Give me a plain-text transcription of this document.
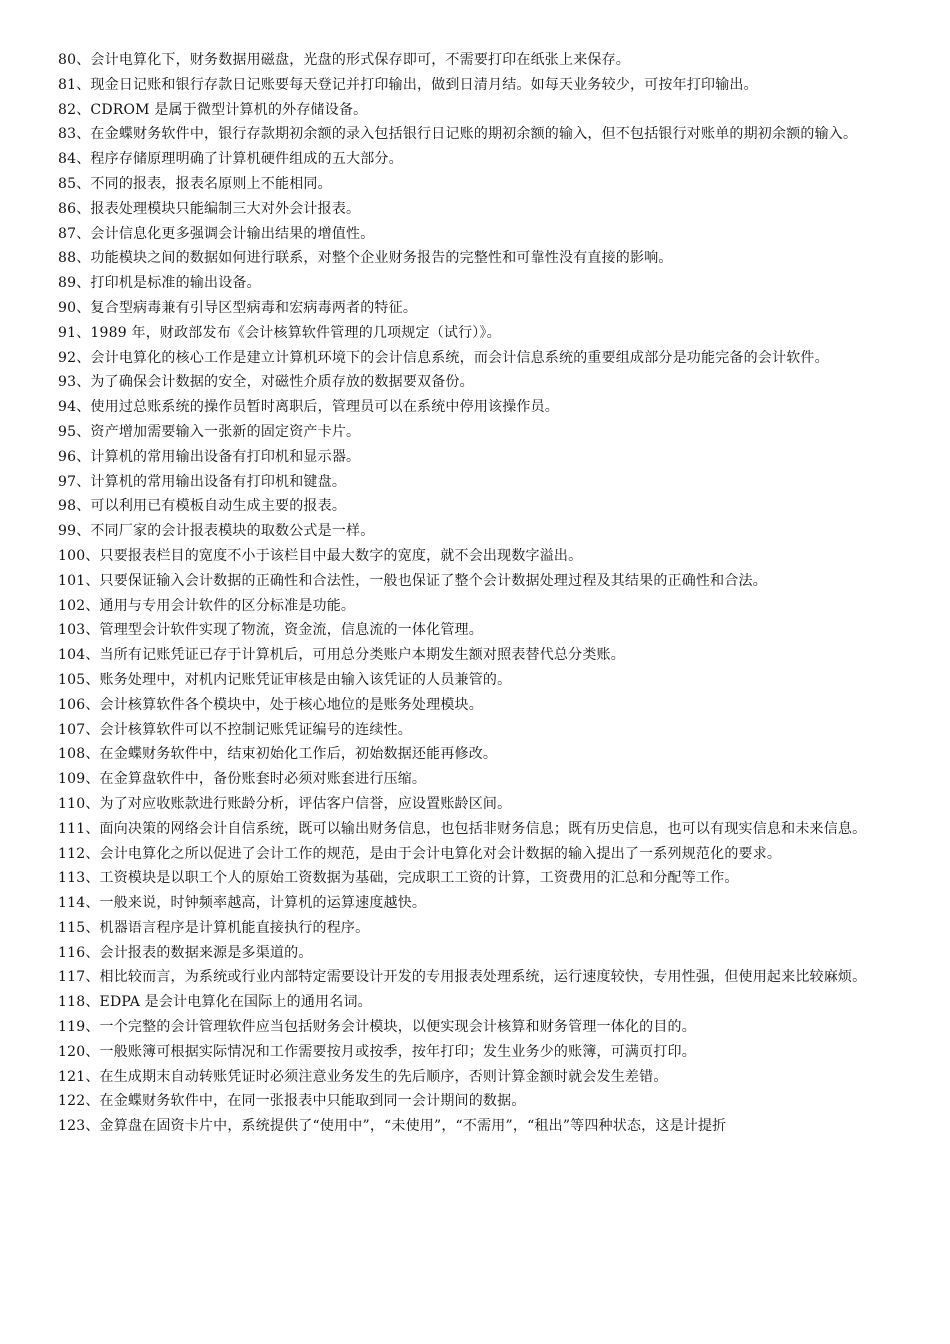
80、会计电算化下，财务数据用磁盘，光盘的形式保存即可，不需要打印在纸张上来保存。

81、现金日记账和银行存款日记账要每天登记并打印输出，做到日清月结。如每天业务较少，可按年打印输出。

82、CDROM 是属于微型计算机的外存储设备。

83、在金蝶财务软件中，银行存款期初余额的录入包括银行日记账的期初余额的输入，但不包括银行对账单的期初余额的输入。

84、程序存储原理明确了计算机硬件组成的五大部分。

85、不同的报表，报表名原则上不能相同。

86、报表处理模块只能编制三大对外会计报表。

87、会计信息化更多强调会计输出结果的增值性。

88、功能模块之间的数据如何进行联系，对整个企业财务报告的完整性和可靠性没有直接的影响。

89、打印机是标准的输出设备。

90、复合型病毒兼有引导区型病毒和宏病毒两者的特征。

91、1989 年，财政部发布《会计核算软件管理的几项规定（试行）》。

92、会计电算化的核心工作是建立计算机环境下的会计信息系统，而会计信息系统的重要组成部分是功能完备的会计软件。

93、为了确保会计数据的安全，对磁性介质存放的数据要双备份。

94、使用过总账系统的操作员暂时离职后，管理员可以在系统中停用该操作员。

95、资产增加需要输入一张新的固定资产卡片。

96、计算机的常用输出设备有打印机和显示器。

97、计算机的常用输出设备有打印机和键盘。

98、可以利用已有模板自动生成主要的报表。

99、不同厂家的会计报表模块的取数公式是一样。

100、只要报表栏目的宽度不小于该栏目中最大数字的宽度，就不会出现数字溢出。

101、只要保证输入会计数据的正确性和合法性，一般也保证了整个会计数据处理过程及其结果的正确性和合法。

102、通用与专用会计软件的区分标准是功能。

103、管理型会计软件实现了物流，资金流，信息流的一体化管理。

104、当所有记账凭证已存于计算机后，可用总分类账户本期发生额对照表替代总分类账。

105、账务处理中，对机内记账凭证审核是由输入该凭证的人员兼管的。

106、会计核算软件各个模块中，处于核心地位的是账务处理模块。

107、会计核算软件可以不控制记账凭证编号的连续性。

108、在金蝶财务软件中，结束初始化工作后，初始数据还能再修改。

109、在金算盘软件中，备份账套时必须对账套进行压缩。

110、为了对应收账款进行账龄分析，评估客户信誉，应设置账龄区间。

111、面向决策的网络会计自信系统，既可以输出财务信息，也包括非财务信息；既有历史信息，也可以有现实信息和未来信息。

112、会计电算化之所以促进了会计工作的规范，是由于会计电算化对会计数据的输入提出了一系列规范化的要求。

113、工资模块是以职工个人的原始工资数据为基础，完成职工工资的计算，工资费用的汇总和分配等工作。

114、一般来说，时钟频率越高，计算机的运算速度越快。

115、机器语言程序是计算机能直接执行的程序。

116、会计报表的数据来源是多渠道的。

117、相比较而言，为系统或行业内部特定需要设计开发的专用报表处理系统，运行速度较快，专用性强，但使用起来比较麻烦。

118、EDPA 是会计电算化在国际上的通用名词。

119、一个完整的会计管理软件应当包括财务会计模块，以便实现会计核算和财务管理一体化的目的。

120、一般账簿可根据实际情况和工作需要按月或按季，按年打印；发生业务少的账簿，可满页打印。

121、在生成期末自动转账凭证时必须注意业务发生的先后顺序，否则计算金额时就会发生差错。

122、在金蝶财务软件中，在同一张报表中只能取到同一会计期间的数据。

123、金算盘在固资卡片中，系统提供了“使用中”，“未使用”，“不需用”，“租出”等四种状态，这是计提折
